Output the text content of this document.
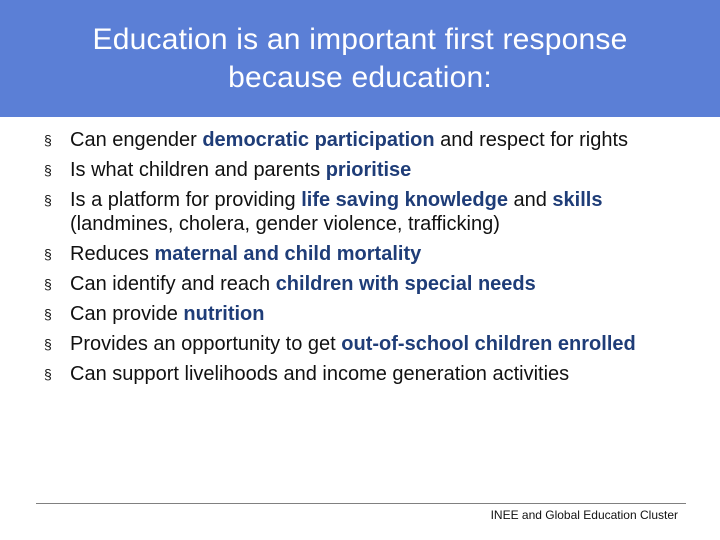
Education is an important first response
because education:
§ Can engender democratic participation and respect for rights
§ Is what children and parents prioritise
§ Is a platform for providing life saving knowledge and skills (landmines, cholera, gender violence, trafficking)
§ Reduces maternal and child mortality
§ Can identify and reach children with special needs
§ Can provide nutrition
§ Provides an opportunity to get out-of-school children enrolled
§ Can support livelihoods and income generation activities
INEE and Global Education Cluster
